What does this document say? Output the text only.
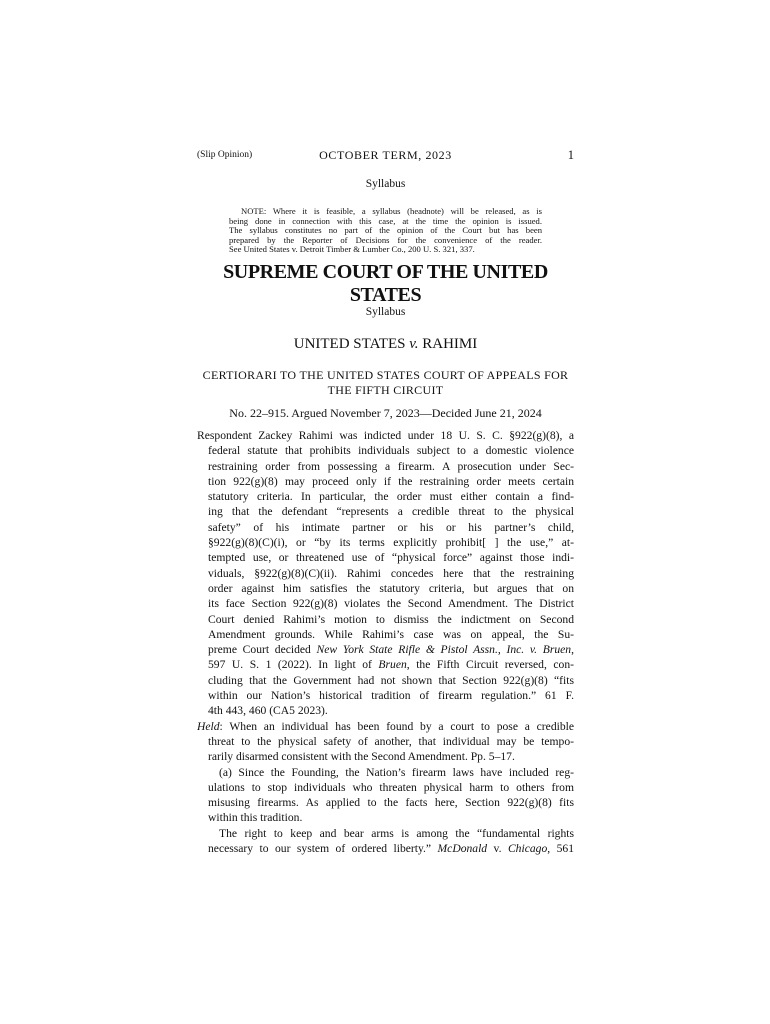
(Slip Opinion)	OCTOBER TERM, 2023	1
Syllabus
NOTE: Where it is feasible, a syllabus (headnote) will be released, as is
being done in connection with this case, at the time the opinion is issued.
The syllabus constitutes no part of the opinion of the Court but has been
prepared by the Reporter of Decisions for the convenience of the reader.
See United States v. Detroit Timber & Lumber Co., 200 U. S. 321, 337.
SUPREME COURT OF THE UNITED STATES
Syllabus
UNITED STATES v. RAHIMI
CERTIORARI TO THE UNITED STATES COURT OF APPEALS FOR
THE FIFTH CIRCUIT
No. 22–915. Argued November 7, 2023—Decided June 21, 2024
Respondent Zackey Rahimi was indicted under 18 U. S. C. §922(g)(8), a
federal statute that prohibits individuals subject to a domestic violence
restraining order from possessing a firearm. A prosecution under Sec-
tion 922(g)(8) may proceed only if the restraining order meets certain
statutory criteria. In particular, the order must either contain a find-
ing that the defendant “represents a credible threat to the physical
safety” of his intimate partner or his or his partner’s child,
§922(g)(8)(C)(i), or “by its terms explicitly prohibit[ ] the use,” at-
tempted use, or threatened use of “physical force” against those indi-
viduals, §922(g)(8)(C)(ii). Rahimi concedes here that the restraining
order against him satisfies the statutory criteria, but argues that on
its face Section 922(g)(8) violates the Second Amendment. The District
Court denied Rahimi’s motion to dismiss the indictment on Second
Amendment grounds. While Rahimi’s case was on appeal, the Su-
preme Court decided New York State Rifle & Pistol Assn., Inc. v. Bruen,
597 U. S. 1 (2022). In light of Bruen, the Fifth Circuit reversed, con-
cluding that the Government had not shown that Section 922(g)(8) “fits
within our Nation’s historical tradition of firearm regulation.” 61 F.
4th 443, 460 (CA5 2023).
Held: When an individual has been found by a court to pose a credible
threat to the physical safety of another, that individual may be tempo-
rarily disarmed consistent with the Second Amendment. Pp. 5–17.
(a) Since the Founding, the Nation’s firearm laws have included reg-
ulations to stop individuals who threaten physical harm to others from
misusing firearms. As applied to the facts here, Section 922(g)(8) fits
within this tradition.
The right to keep and bear arms is among the “fundamental rights
necessary to our system of ordered liberty.” McDonald v. Chicago, 561
